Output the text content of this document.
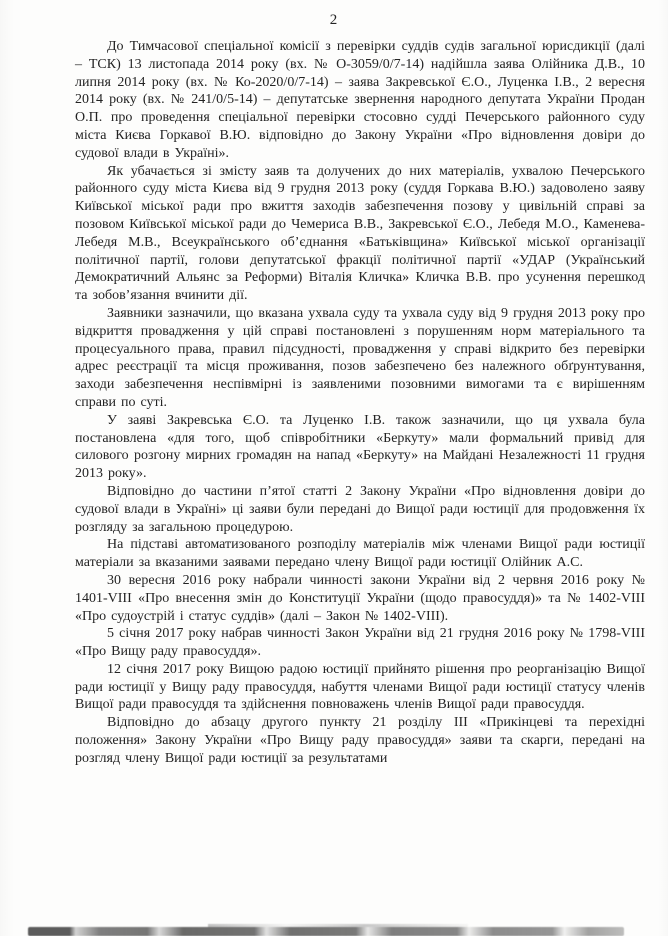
2

До Тимчасової спеціальної комісії з перевірки суддів судів загальної юрисдикції (далі – ТСК) 13 листопада 2014 року (вх. № О-3059/0/7-14) надійшла заява Олійника Д.В., 10 липня 2014 року (вх. № Ко-2020/0/7-14) – заява Закревської Є.О., Луценка І.В., 2 вересня 2014 року (вх. № 241/0/5-14) – депутатське звернення народного депутата України Продан О.П. про проведення спеціальної перевірки стосовно судді Печерського районного суду міста Києва Горкавої В.Ю. відповідно до Закону України «Про відновлення довіри до судової влади в Україні».

Як убачається зі змісту заяв та долучених до них матеріалів, ухвалою Печерського районного суду міста Києва від 9 грудня 2013 року (суддя Горкава В.Ю.) задоволено заяву Київської міської ради про вжиття заходів забезпечення позову у цивільній справі за позовом Київської міської ради до Чемериса В.В., Закревської Є.О., Лебедя М.О., Каменева-Лебедя М.В., Всеукраїнського об’єднання «Батьківщина» Київської міської організації політичної партії, голови депутатської фракції політичної партії «УДАР (Український Демократичний Альянс за Реформи) Віталія Кличка» Кличка В.В. про усунення перешкод та зобов’язання вчинити дії.

Заявники зазначили, що вказана ухвала суду та ухвала суду від 9 грудня 2013 року про відкриття провадження у цій справі постановлені з порушенням норм матеріального та процесуального права, правил підсудності, провадження у справі відкрито без перевірки адрес реєстрації та місця проживання, позов забезпечено без належного обґрунтування, заходи забезпечення неспівмірні із заявленими позовними вимогами та є вирішенням справи по суті.

У заяві Закревська Є.О. та Луценко І.В. також зазначили, що ця ухвала була постановлена «для того, щоб співробітники «Беркуту» мали формальний привід для силового розгону мирних громадян на напад «Беркуту» на Майдані Незалежності 11 грудня 2013 року».

Відповідно до частини п’ятої статті 2 Закону України «Про відновлення довіри до судової влади в Україні» ці заяви були передані до Вищої ради юстиції для продовження їх розгляду за загальною процедурою.

На підставі автоматизованого розподілу матеріалів між членами Вищої ради юстиції матеріали за вказаними заявами передано члену Вищої ради юстиції Олійник А.С.

30 вересня 2016 року набрали чинності закони України від 2 червня 2016 року № 1401-VIII «Про внесення змін до Конституції України (щодо правосуддя)» та № 1402-VIII «Про судоустрій і статус суддів» (далі – Закон № 1402-VIII).

5 січня 2017 року набрав чинності Закон України від 21 грудня 2016 року № 1798-VIII «Про Вищу раду правосуддя».

12 січня 2017 року Вищою радою юстиції прийнято рішення про реорганізацію Вищої ради юстиції у Вищу раду правосуддя, набуття членами Вищої ради юстиції статусу членів Вищої ради правосуддя та здійснення повноважень членів Вищої ради правосуддя.

Відповідно до абзацу другого пункту 21 розділу ІІІ «Прикінцеві та перехідні положення» Закону України «Про Вищу раду правосуддя» заяви та скарги, передані на розгляд члену Вищої ради юстиції за результатами
